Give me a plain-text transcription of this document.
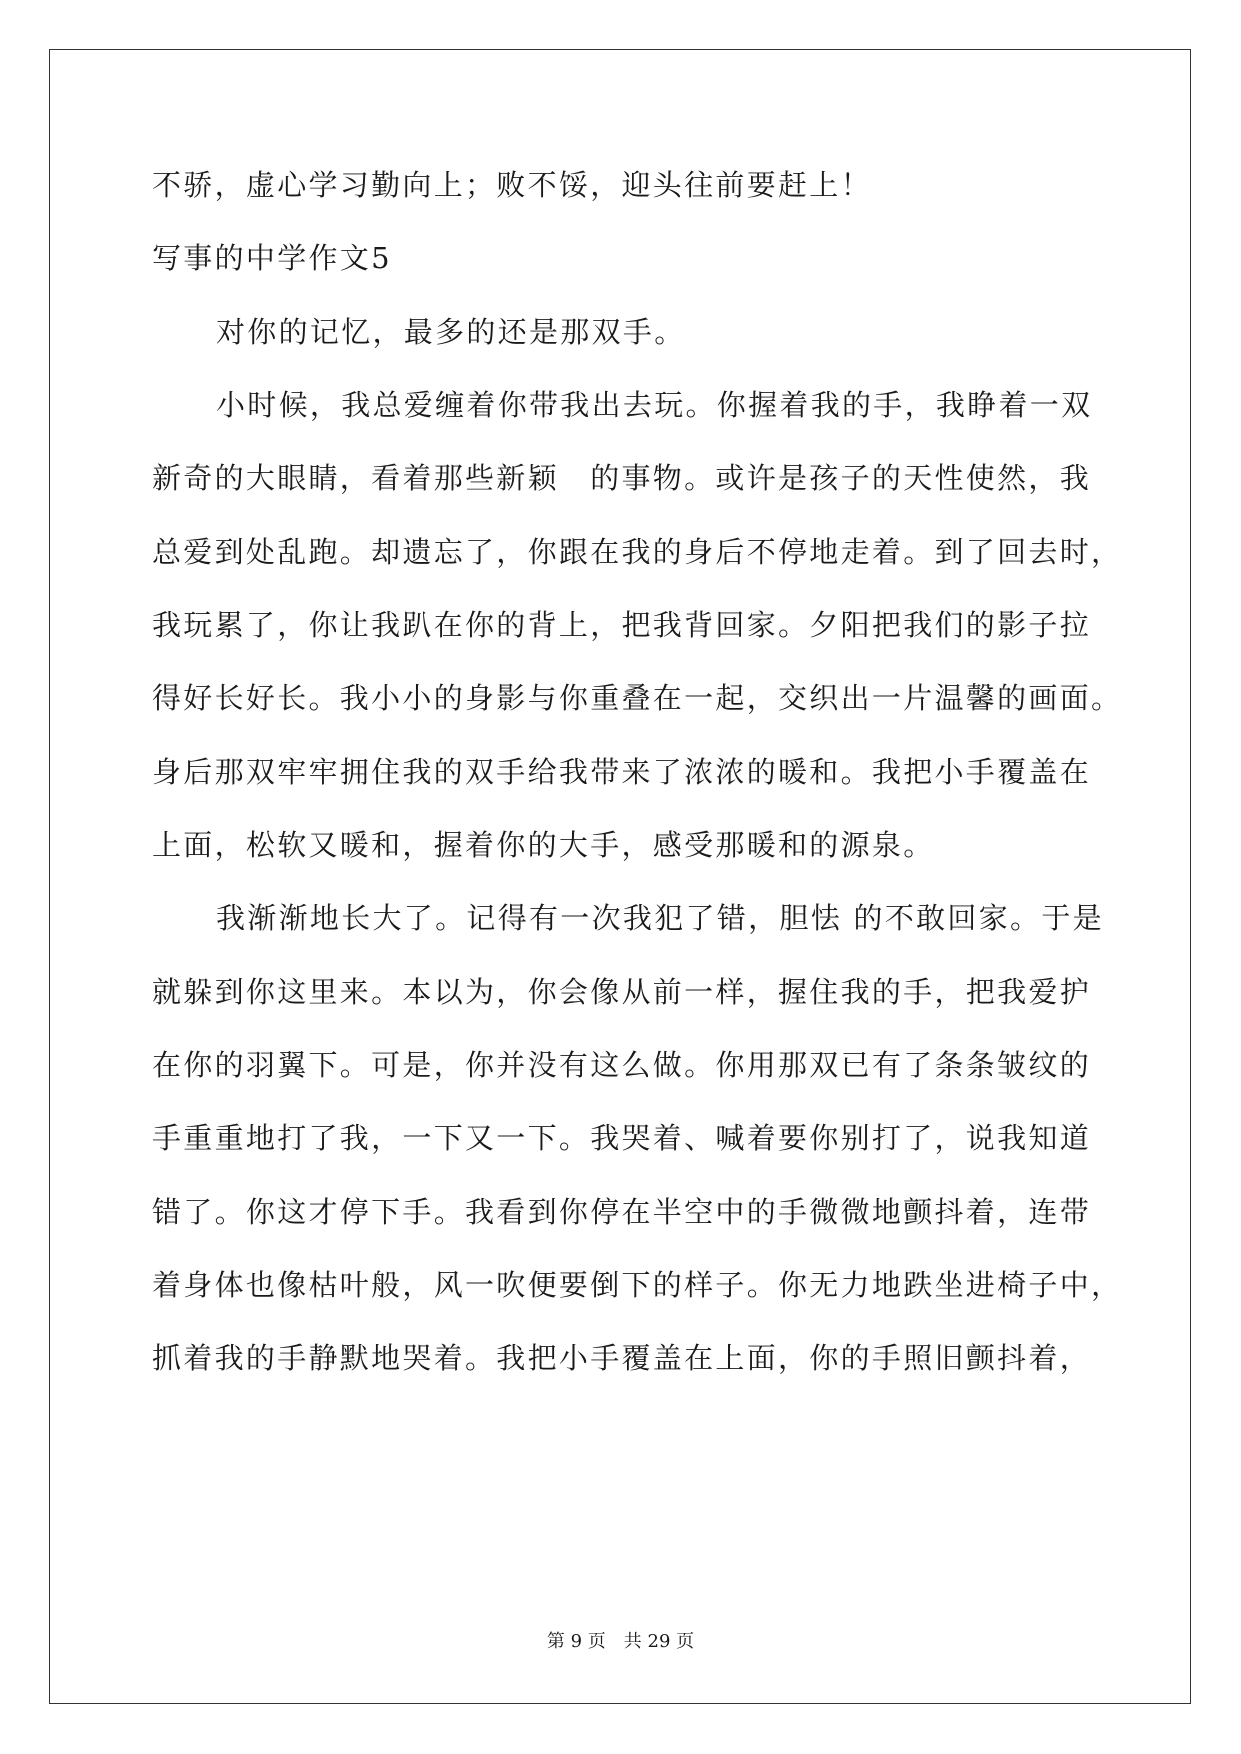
不骄，虚心学习勤向上；败不馁，迎头往前要赶上！
写事的中学作文5
对你的记忆，最多的还是那双手。
小时候，我总爱缠着你带我出去玩。你握着我的手，我睁着一双
新奇的大眼睛，看着那些新颖　的事物。或许是孩子的天性使然，我
总爱到处乱跑。却遗忘了，你跟在我的身后不停地走着。到了回去时，
我玩累了，你让我趴在你的背上，把我背回家。夕阳把我们的影子拉
得好长好长。我小小的身影与你重叠在一起，交织出一片温馨的画面。
身后那双牢牢拥住我的双手给我带来了浓浓的暖和。我把小手覆盖在
上面，松软又暖和，握着你的大手，感受那暖和的源泉。
我渐渐地长大了。记得有一次我犯了错，胆怯 的不敢回家。于是
就躲到你这里来。本以为，你会像从前一样，握住我的手，把我爱护
在你的羽翼下。可是，你并没有这么做。你用那双已有了条条皱纹的
手重重地打了我，一下又一下。我哭着、喊着要你别打了，说我知道
错了。你这才停下手。我看到你停在半空中的手微微地颤抖着，连带
着身体也像枯叶般，风一吹便要倒下的样子。你无力地跌坐进椅子中，
抓着我的手静默地哭着。我把小手覆盖在上面，你的手照旧颤抖着，
第 9 页　共 29 页
